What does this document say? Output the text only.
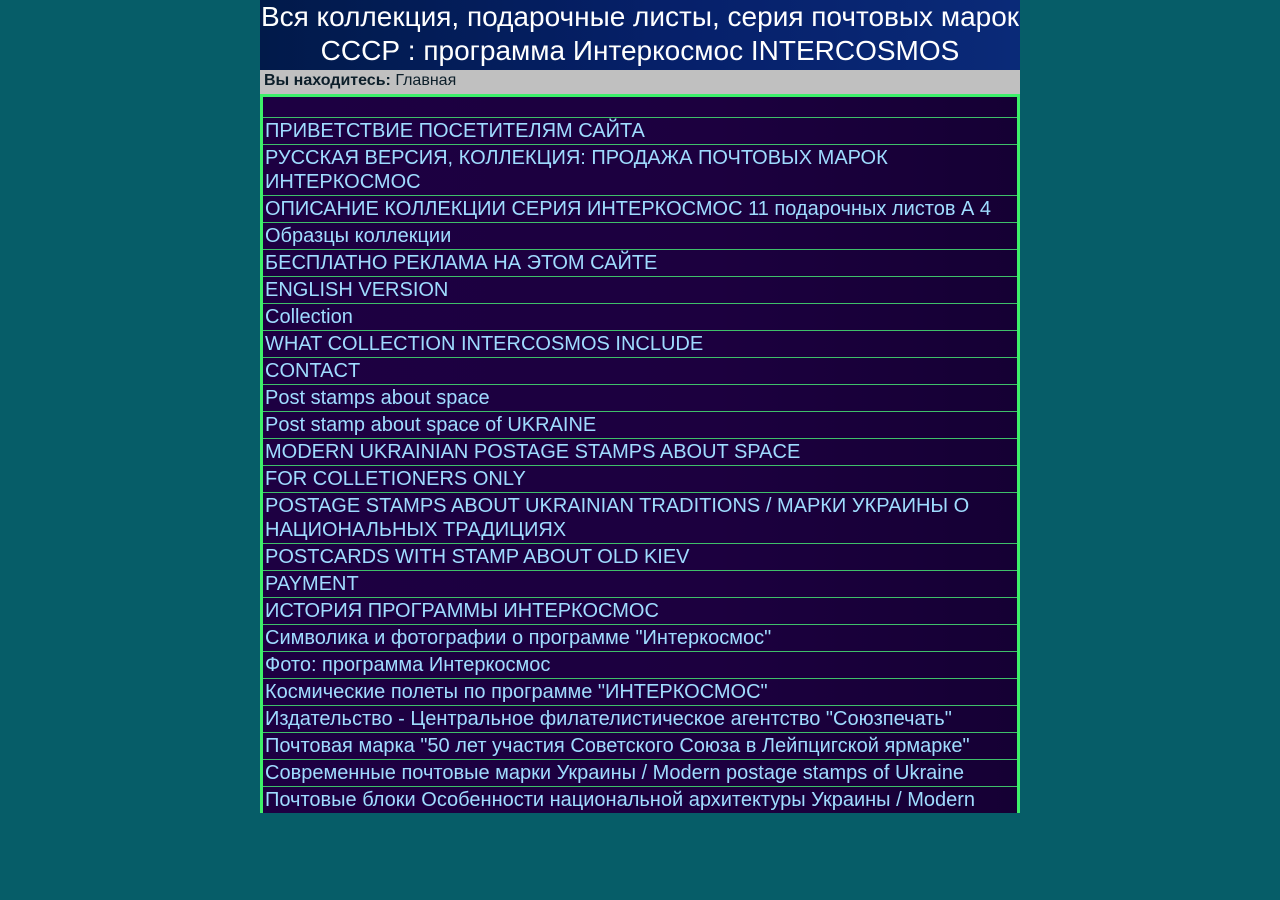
Вся коллекция, подарочные листы, серия почтовых марок СССР : программа Интеркосмос INTERCOSMOS
Вы находитесь: Главная
ПРИВЕТСТВИЕ ПОСЕТИТЕЛЯМ САЙТА
РУССКАЯ ВЕРСИЯ, КОЛЛЕКЦИЯ: ПРОДАЖА ПОЧТОВЫХ МАРОК ИНТЕРКОСМОС
ОПИСАНИЕ КОЛЛЕКЦИИ СЕРИЯ ИНТЕРКОСМОС 11 подарочных листов А 4
Образцы коллекции
БЕСПЛАТНО РЕКЛАМА НА ЭТОМ САЙТЕ
ENGLISH VERSION
Collection
WHAT COLLECTION INTERCOSMOS INCLUDE
CONTACT
Post stamps about space
Post stamp about space of UKRAINE
MODERN UKRAINIAN POSTAGE STAMPS ABOUT SPACE
FOR COLLETIONERS ONLY
POSTAGE STAMPS ABOUT UKRAINIAN TRADITIONS / МАРКИ УКРАИНЫ О НАЦИОНАЛЬНЫХ ТРАДИЦИЯХ
POSTCARDS WITH STAMP ABOUT OLD KIEV
PAYMENT
ИСТОРИЯ ПРОГРАММЫ ИНТЕРКОСМОС
Символика и фотографии о программе "Интеркосмос"
Фото: программа Интеркосмос
Космические полеты по программе "ИНТЕРКОСМОС"
Издательство - Центральное филателистическое агентство "Союзпечать"
Почтовая марка "50 лет участия Советского Союза в Лейпцигской ярмарке"
Современные почтовые марки Украины / Modern postage stamps of Ukraine
Почтовые блоки Особенности национальной архитектуры Украины / Modern
